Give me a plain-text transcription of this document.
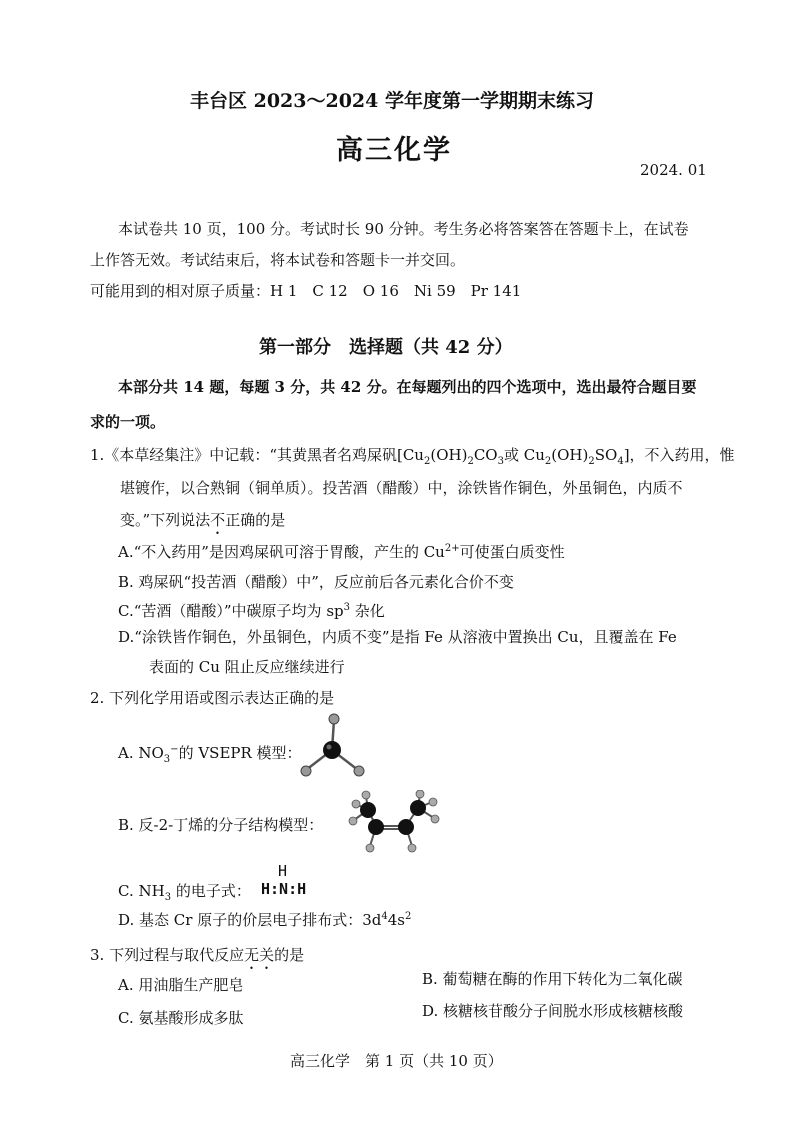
丰台区 2023～2024 学年度第一学期期末练习
高三化学
2024. 01
本试卷共 10 页，100 分。考试时长 90 分钟。考生务必将答案答在答题卡上，在试卷
上作答无效。考试结束后，将本试卷和答题卡一并交回。
可能用到的相对原子质量：H 1　C 12　O 16　Ni 59　Pr 141
第一部分　选择题（共 42 分）
本部分共 14 题，每题 3 分，共 42 分。在每题列出的四个选项中，选出最符合题目要
求的一项。
1.《本草经集注》中记载：“其黄黑者名鸡屎矾[$Cu_2(OH)_2CO_3$或 $Cu_2(OH)_2SO_4$]，不入药用，惟
堪镀作，以合熟铜（铜单质）。投苦酒（醋酸）中，涂铁皆作铜色，外虽铜色，内质不
变。”下列说法不正确的是
A.“不入药用”是因鸡屎矾可溶于胃酸，产生的 $Cu^{2+}$可使蛋白质变性
B. 鸡屎矾“投苦酒（醋酸）中”，反应前后各元素化合价不变
C.“苦酒（醋酸）”中碳原子均为 $sp^3$ 杂化
D.“涂铁皆作铜色，外虽铜色，内质不变”是指 Fe 从溶液中置换出 Cu，且覆盖在 Fe
表面的 Cu 阻止反应继续进行
2. 下列化学用语或图示表达正确的是
A. $NO_3^-$的 VSEPR 模型：
B. 反-2-丁烯的分子结构模型：
C. $NH_3$ 的电子式：
H
H:N:H
D. 基态 Cr 原子的价层电子排布式：$3d^44s^2$
3. 下列过程与取代反应无关的是
A. 用油脂生产肥皂	B. 葡萄糖在酶的作用下转化为二氧化碳
C. 氨基酸形成多肽	D. 核糖核苷酸分子间脱水形成核糖核酸
高三化学　第 1 页（共 10 页）
